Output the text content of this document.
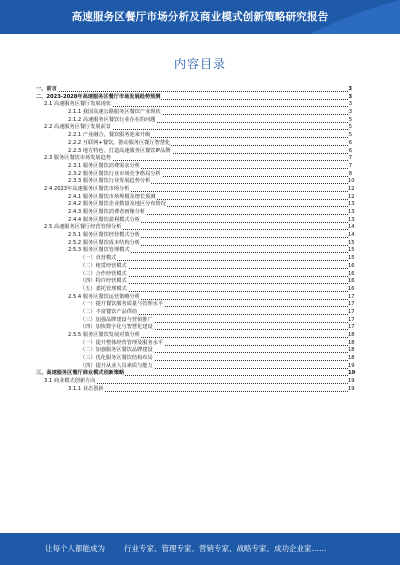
高速服务区餐厅市场分析及商业模式创新策略研究报告
内容目录
一、前言	3
二、2023-2028年高速服务区餐厅市场发展趋势预测	3
2.1 高速服务区餐厅发展现状	3
2.1.1 我国高速公路服务区餐饮产业现状	3
2.1.2 高速服务区餐饮行业存在的问题	5
2.2 高速服务区餐厅发展前景	5
2.2.1 产业融合，餐饮服务迎来升级	5
2.2.2 互联网+餐饮，推动服务区餐厅智慧化	6
2.2.3 地方特色，打造高速服务区餐饮IP品牌	6
2.3 服务区餐饮市场发展趋势	7
2.3.1 服务区餐饮消费需求分析	7
2.3.2 服务区餐饮行业市场竞争格局分析	8
2.3.3 服务区餐饮行业发展趋势分析	10
2.4 2023年高速服务区餐饮市场分析	12
2.4.1 服务区餐饮市场规模及增长预测	12
2.4.2 服务区餐饮企业数量及地区分布情况	13
2.4.3 服务区餐饮消费者画像分析	13
2.4.4 服务区餐饮盈利模式分析	13
2.5 高速服务区餐厅经营管理分析	14
2.5.1 服务区餐饮经营模式分析	14
2.5.2 服务区餐饮成本结构分析	15
2.5.3 服务区餐饮管理模式	15
（一）直营模式	15
（二）租赁经营模式	16
（三）合作经营模式	16
（四）特许经营模式	16
（五）委托管理模式	16
2.5.4 服务区餐饮运营策略分析	17
（一）提升餐饮服务质量与管理水平	17
（二）丰富餐饮产品供给	17
（三）加强品牌建设与营销推广	17
（四）加快数字化与智慧化建设	17
2.5.5 服务区餐饮发展对策分析	18
（一）提升整体经营管理及服务水平	18
（二）加强服务区餐饮品牌建设	18
（三）优化服务区餐饮结构布局	18
（四）提升从业人员素质与能力	19
三、高速服务区餐厅商业模式创新策略	19
3.1 商业模式创新方向	19
3.1.1 业态创新	19
让每个人都能成为	行业专家、管理专家、营销专家、战略专家、成功企业家……
